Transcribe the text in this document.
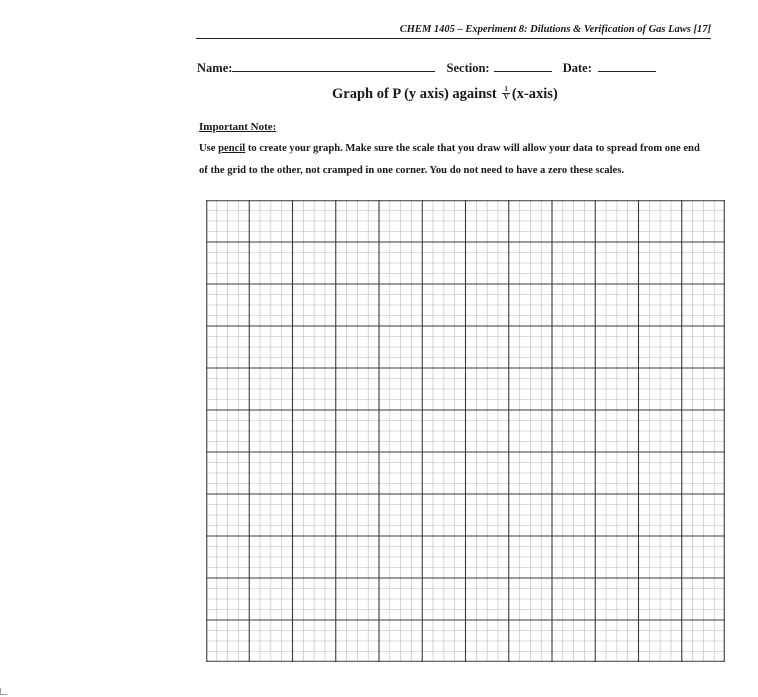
CHEM 1405 – Experiment 8: Dilutions & Verification of Gas Laws [17]
Name:	Section:	Date:
Graph of P (y axis) against $\frac{1}{V}$ (x-axis)
Important Note:
Use pencil to create your graph. Make sure the scale that you draw will allow your data to spread from one end of the grid to the other, not cramped in one corner. You do not need to have a zero these scales.
